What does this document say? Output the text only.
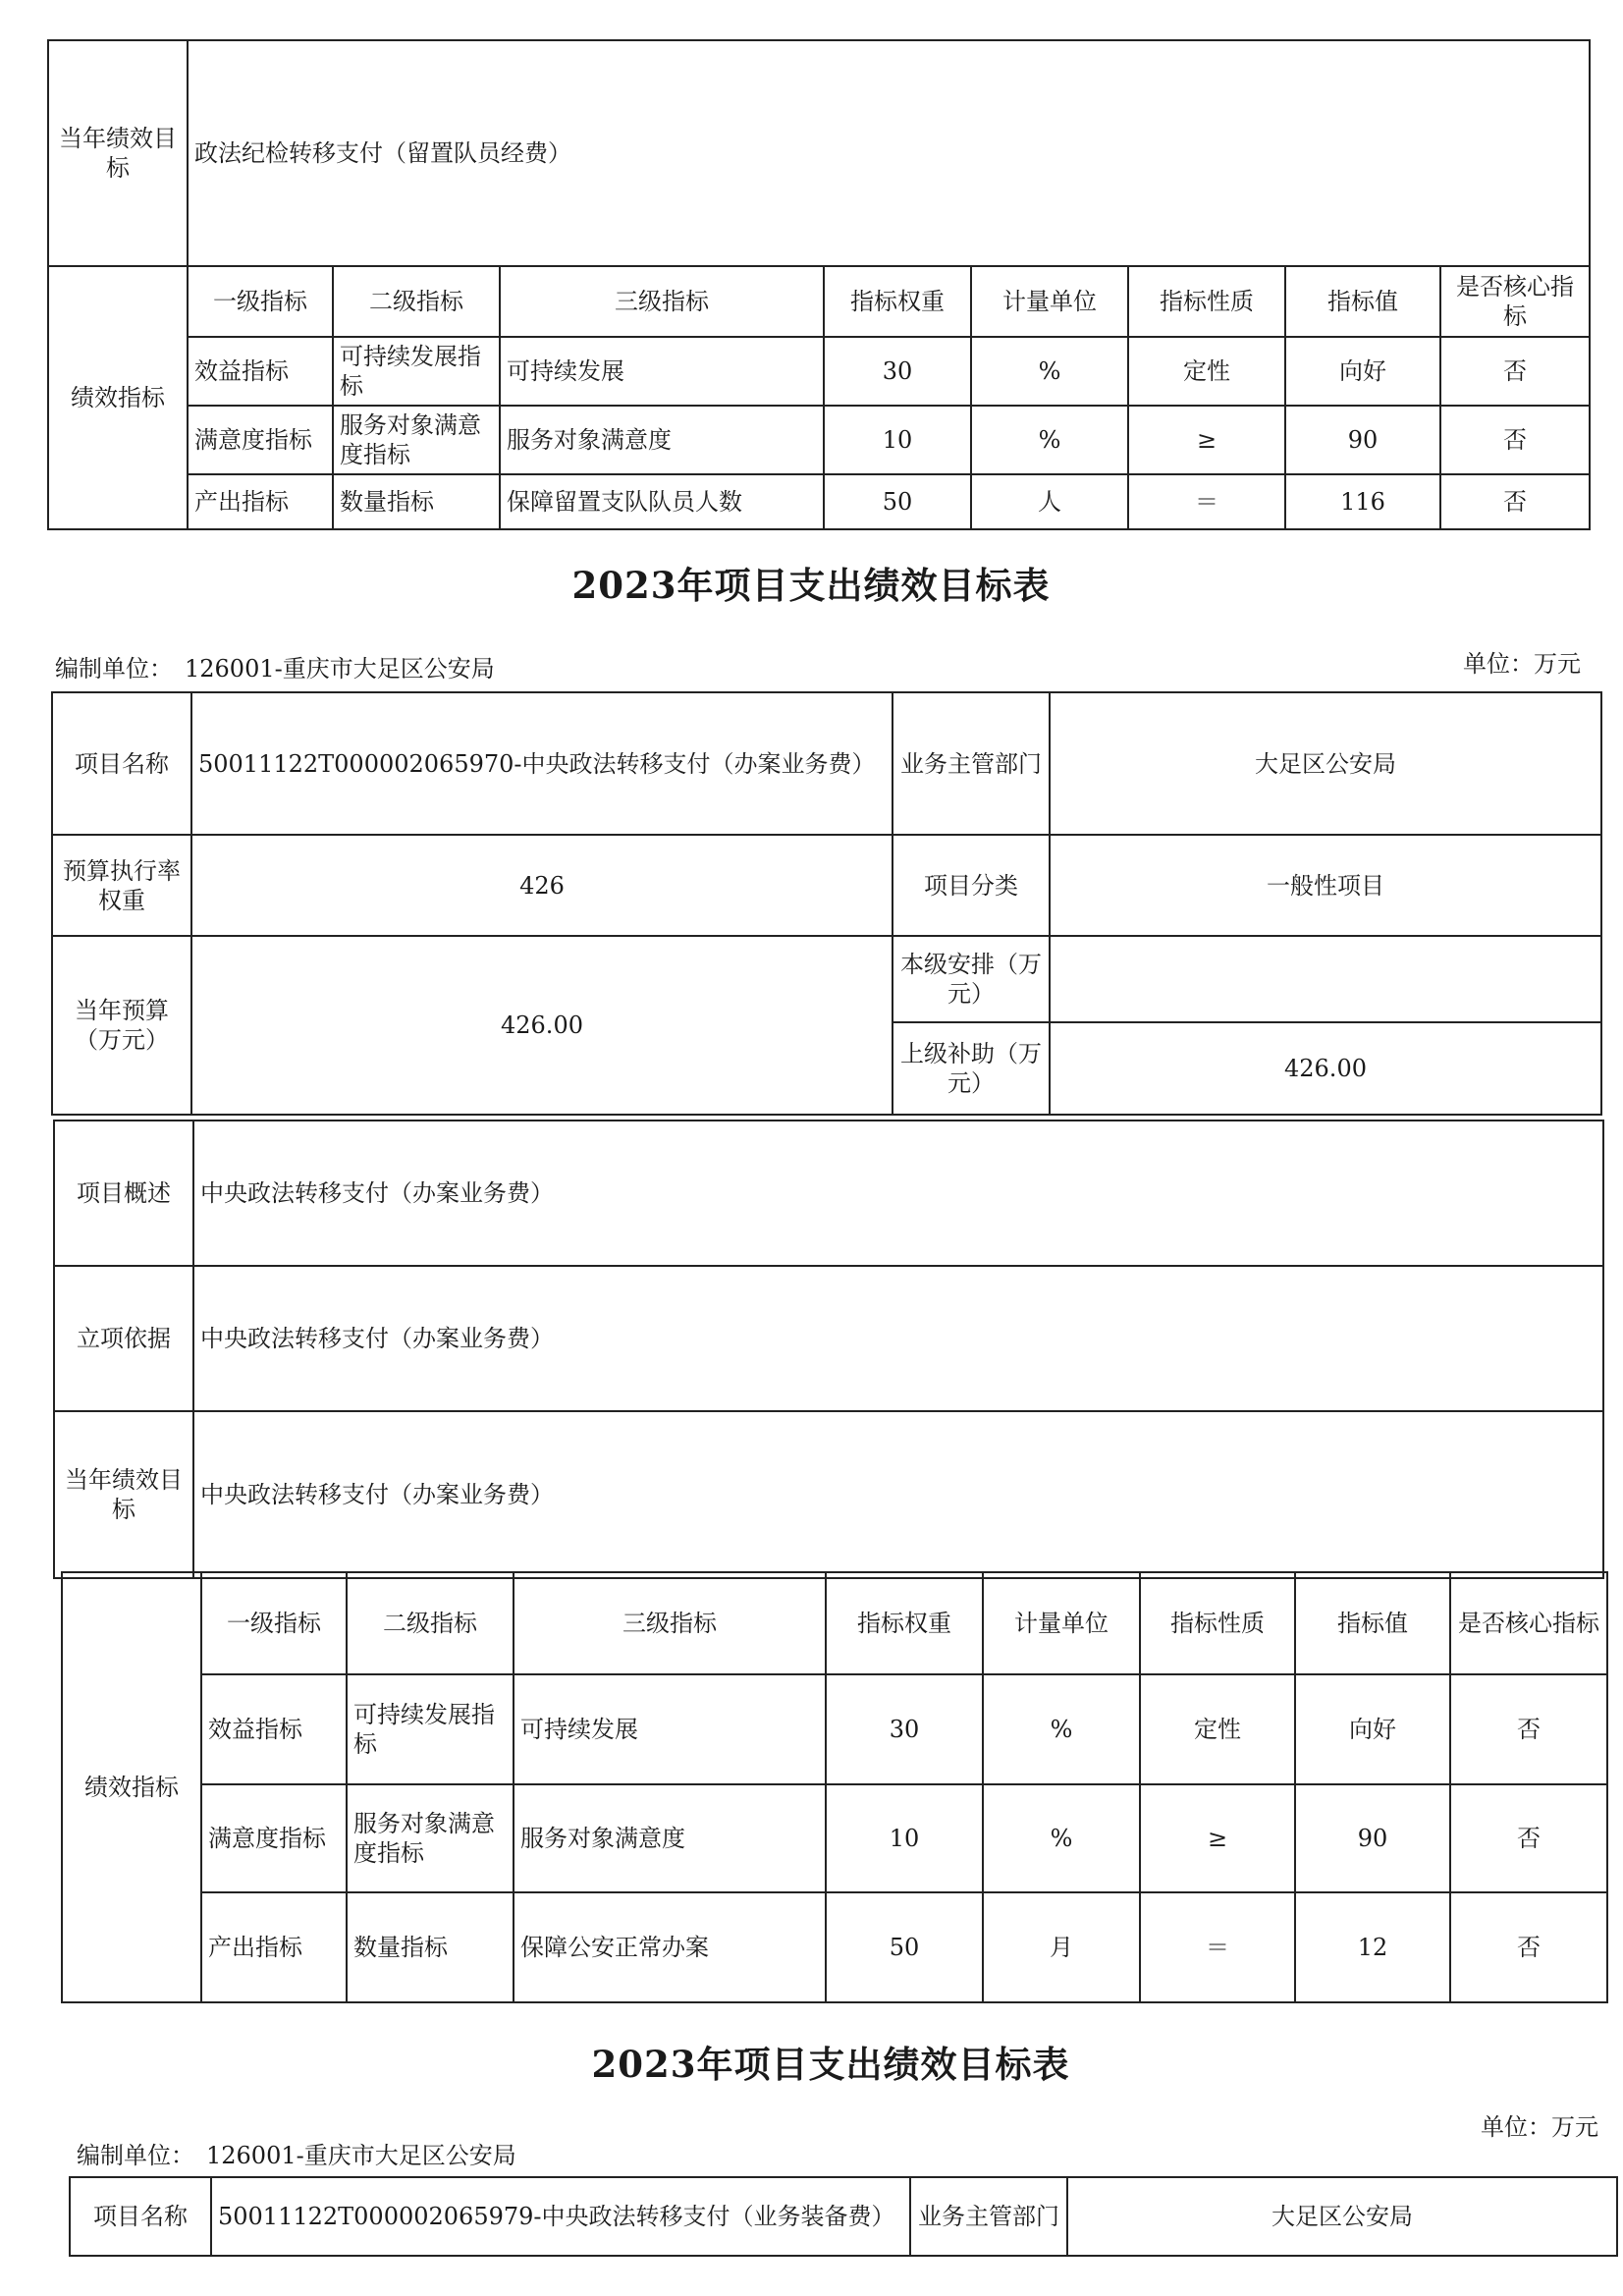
当年绩效目标	政法纪检转移支付（留置队员经费）							
绩效指标	一级指标	二级指标	三级指标	指标权重	计量单位	指标性质	指标值	是否核心指标
	效益指标	可持续发展指标	可持续发展	30	%	定性	向好	否
	满意度指标	服务对象满意度指标	服务对象满意度	10	%	≥	90	否
	产出指标	数量指标	保障留置支队队员人数	50	人	＝	116	否
2023年项目支出绩效目标表
编制单位：　126001-重庆市大足区公安局	单位：万元
项目名称	50011122T000002065970-中央政法转移支付（办案业务费）	业务主管部门	大足区公安局
预算执行率权重	426	项目分类	一般性项目
当年预算（万元）	426.00	本级安排（万元）	
		上级补助（万元）	426.00
项目概述	中央政法转移支付（办案业务费）
立项依据	中央政法转移支付（办案业务费）
当年绩效目标	中央政法转移支付（办案业务费）
绩效指标	一级指标	二级指标	三级指标	指标权重	计量单位	指标性质	指标值	是否核心指标
	效益指标	可持续发展指标	可持续发展	30	%	定性	向好	否
	满意度指标	服务对象满意度指标	服务对象满意度	10	%	≥	90	否
	产出指标	数量指标	保障公安正常办案	50	月	＝	12	否
2023年项目支出绩效目标表
编制单位：　126001-重庆市大足区公安局
单位：万元
项目名称	50011122T000002065979-中央政法转移支付（业务装备费）	业务主管部门	大足区公安局
